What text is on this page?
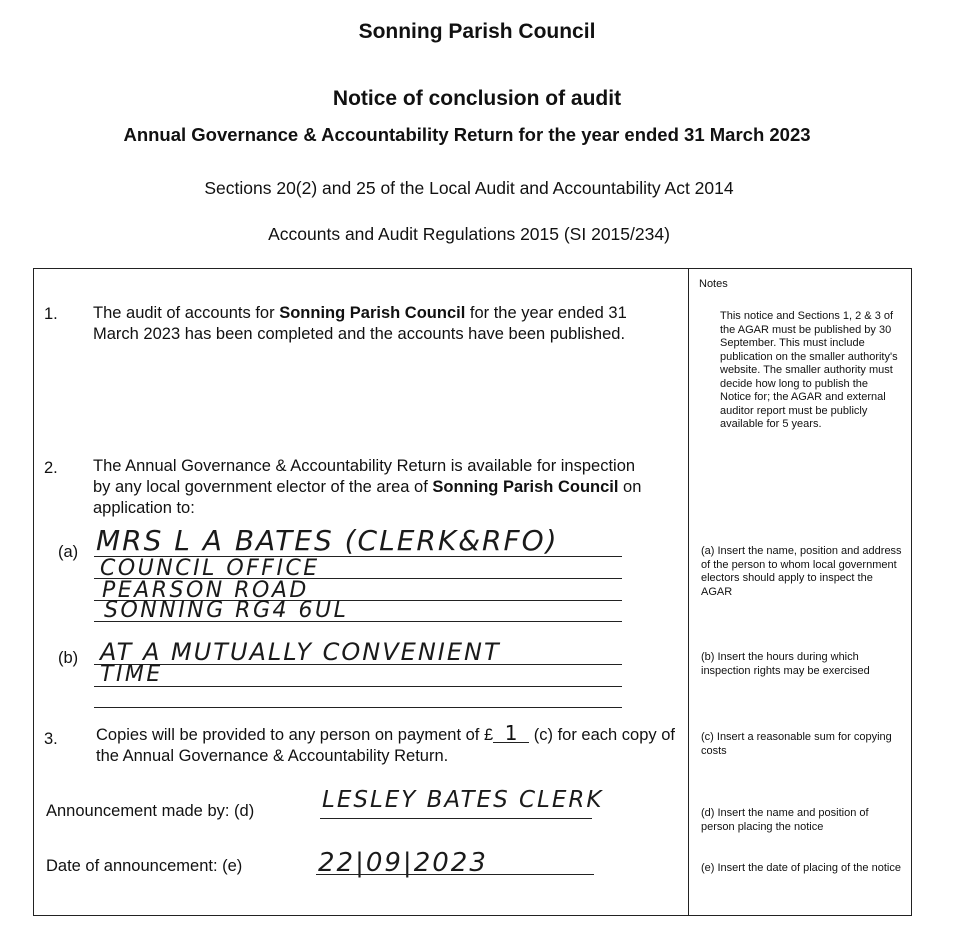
Sonning Parish Council
Notice of conclusion of audit
Annual Governance & Accountability Return for the year ended 31 March 2023
Sections 20(2) and 25 of the Local Audit and Accountability Act 2014
Accounts and Audit Regulations 2015 (SI 2015/234)
1. The audit of accounts for Sonning Parish Council for the year ended 31 March 2023 has been completed and the accounts have been published.
2. The Annual Governance & Accountability Return is available for inspection by any local government elector of the area of Sonning Parish Council on application to:
(a) MRS L A BATES (CLERK&RFO)
COUNCIL OFFICE
PEARSON ROAD
SONNING RG4 6UL
(b) AT A MUTUALLY CONVENIENT
TIME
3. Copies will be provided to any person on payment of £ 1 (c) for each copy of the Annual Governance & Accountability Return.
Announcement made by: (d)	LESLEY BATES CLERK
Date of announcement: (e)	22|09|2023
Notes
This notice and Sections 1, 2 & 3 of the AGAR must be published by 30 September. This must include publication on the smaller authority's website. The smaller authority must decide how long to publish the Notice for; the AGAR and external auditor report must be publicly available for 5 years.
(a) Insert the name, position and address of the person to whom local government electors should apply to inspect the AGAR
(b) Insert the hours during which inspection rights may be exercised
(c) Insert a reasonable sum for copying costs
(d) Insert the name and position of person placing the notice
(e) Insert the date of placing of the notice
